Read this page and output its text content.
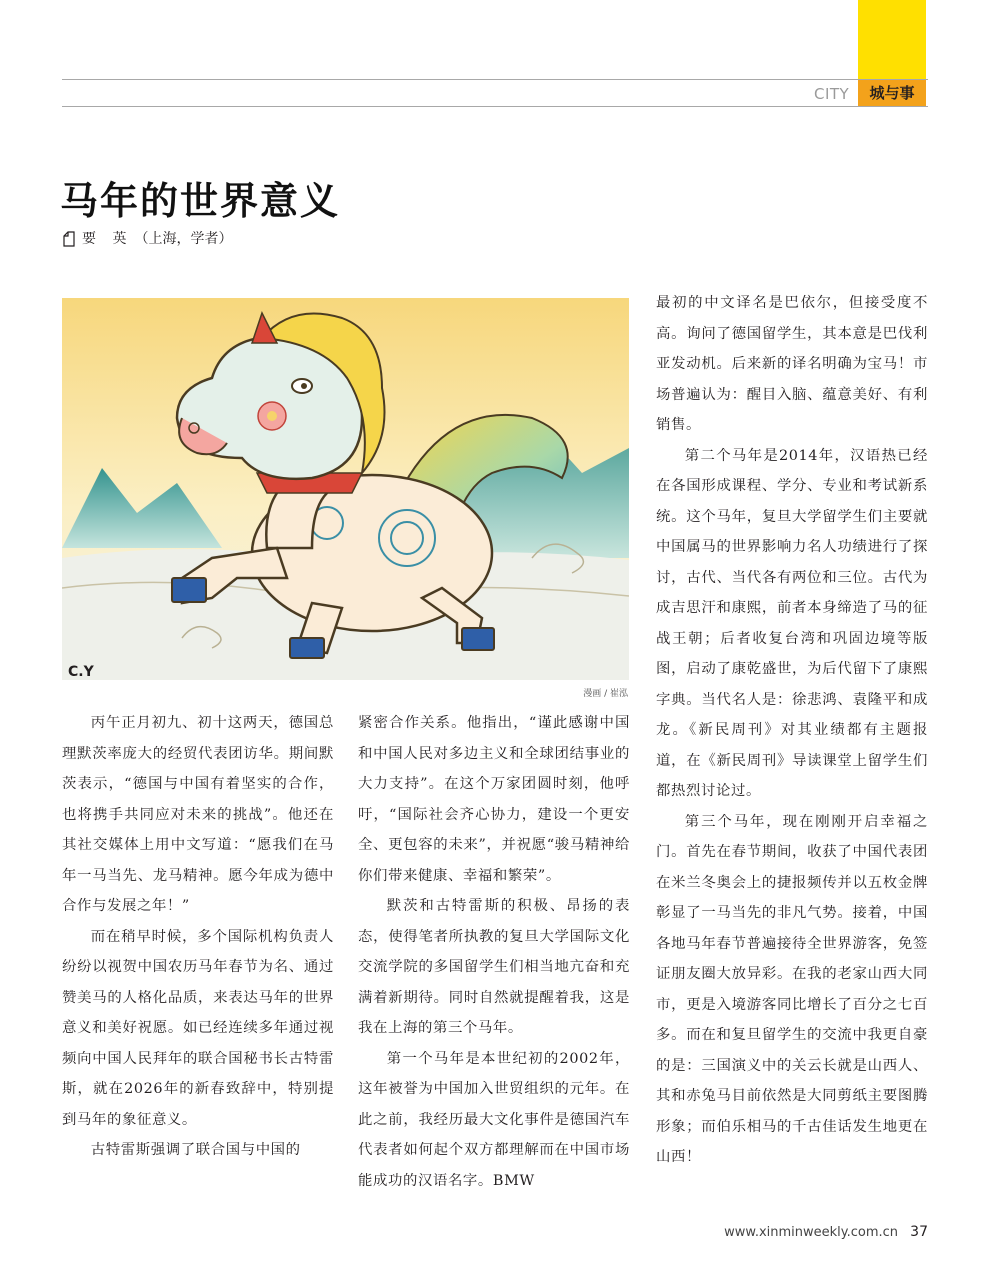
CITY	城与事
马年的世界意义
要 英 （上海，学者）
C.Y
漫画 / 崔泓

丙午正月初九、初十这两天，德国总理默茨率庞大的经贸代表团访华。期间默茨表示，“德国与中国有着坚实的合作，也将携手共同应对未来的挑战”。他还在其社交媒体上用中文写道：“愿我们在马年一马当先、龙马精神。愿今年成为德中合作与发展之年！”

而在稍早时候，多个国际机构负责人纷纷以视贺中国农历马年春节为名、通过赞美马的人格化品质，来表达马年的世界意义和美好祝愿。如已经连续多年通过视频向中国人民拜年的联合国秘书长古特雷斯，就在2026年的新春致辞中，特别提到马年的象征意义。

古特雷斯强调了联合国与中国的

紧密合作关系。他指出，“谨此感谢中国和中国人民对多边主义和全球团结事业的大力支持”。在这个万家团圆时刻，他呼吁，“国际社会齐心协力，建设一个更安全、更包容的未来”，并祝愿“骏马精神给你们带来健康、幸福和繁荣”。

默茨和古特雷斯的积极、昂扬的表态，使得笔者所执教的复旦大学国际文化交流学院的多国留学生们相当地亢奋和充满着新期待。同时自然就提醒着我，这是我在上海的第三个马年。

第一个马年是本世纪初的2002年，这年被誉为中国加入世贸组织的元年。在此之前，我经历最大文化事件是德国汽车代表者如何起个双方都理解而在中国市场能成功的汉语名字。BMW

最初的中文译名是巴依尔，但接受度不高。询问了德国留学生，其本意是巴伐利亚发动机。后来新的译名明确为宝马！市场普遍认为：醒目入脑、蕴意美好、有利销售。

第二个马年是2014年，汉语热已经在各国形成课程、学分、专业和考试新系统。这个马年，复旦大学留学生们主要就中国属马的世界影响力名人功绩进行了探讨，古代、当代各有两位和三位。古代为成吉思汗和康熙，前者本身缔造了马的征战王朝；后者收复台湾和巩固边境等版图，启动了康乾盛世，为后代留下了康熙字典。当代名人是：徐悲鸿、袁隆平和成龙。《新民周刊》对其业绩都有主题报道，在《新民周刊》导读课堂上留学生们都热烈讨论过。

第三个马年，现在刚刚开启幸福之门。首先在春节期间，收获了中国代表团在米兰冬奥会上的捷报频传并以五枚金牌彰显了一马当先的非凡气势。接着，中国各地马年春节普遍接待全世界游客，免签证朋友圈大放异彩。在我的老家山西大同市，更是入境游客同比增长了百分之七百多。而在和复旦留学生的交流中我更自豪的是：三国演义中的关云长就是山西人、其和赤兔马目前依然是大同剪纸主要图腾形象；而伯乐相马的千古佳话发生地更在山西！

www.xinminweekly.com.cn 37
